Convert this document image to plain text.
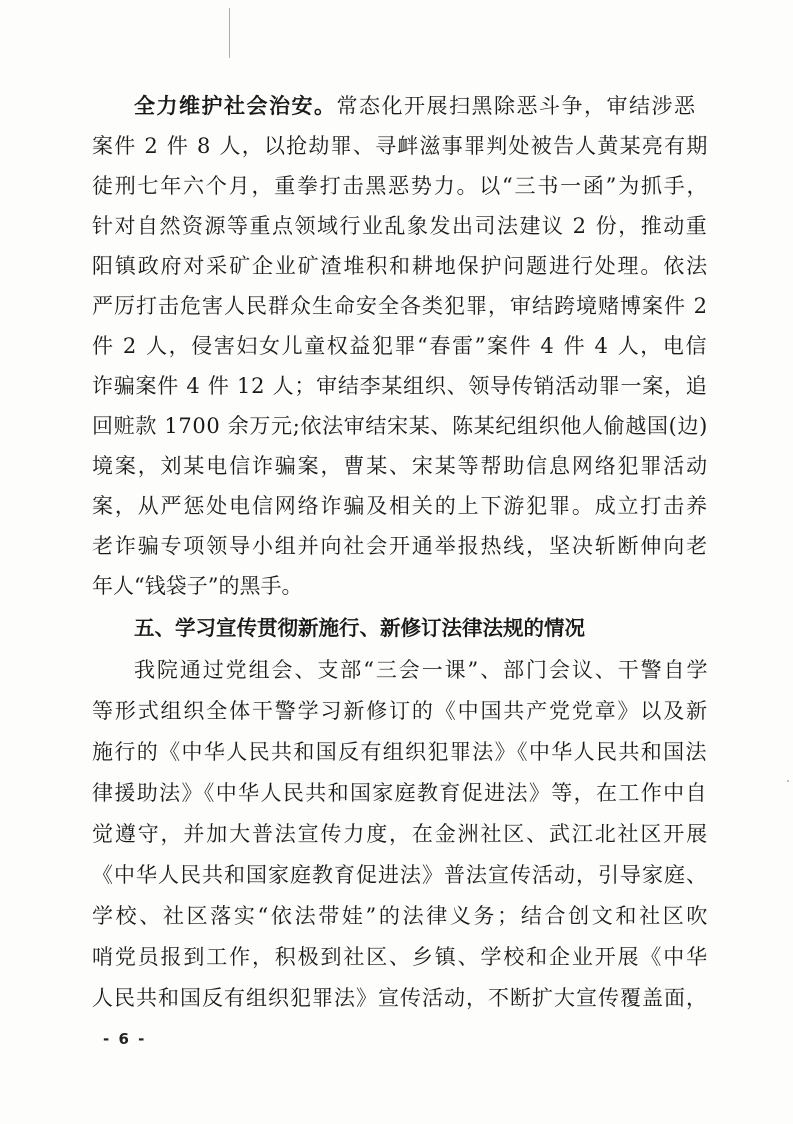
全力维护社会治安。常态化开展扫黑除恶斗争，审结涉恶
案件 2 件 8 人，以抢劫罪、寻衅滋事罪判处被告人黄某亮有期
徒刑七年六个月，重拳打击黑恶势力。以“三书一函”为抓手，
针对自然资源等重点领域行业乱象发出司法建议 2 份，推动重
阳镇政府对采矿企业矿渣堆积和耕地保护问题进行处理。依法
严厉打击危害人民群众生命安全各类犯罪，审结跨境赌博案件 2
件 2 人，侵害妇女儿童权益犯罪“春雷”案件 4 件 4 人，电信
诈骗案件 4 件 12 人；审结李某组织、领导传销活动罪一案，追
回赃款 1700 余万元;依法审结宋某、陈某纪组织他人偷越国(边)
境案，刘某电信诈骗案，曹某、宋某等帮助信息网络犯罪活动
案，从严惩处电信网络诈骗及相关的上下游犯罪。成立打击养
老诈骗专项领导小组并向社会开通举报热线，坚决斩断伸向老
年人“钱袋子”的黑手。
五、学习宣传贯彻新施行、新修订法律法规的情况
我院通过党组会、支部“三会一课”、部门会议、干警自学
等形式组织全体干警学习新修订的《中国共产党党章》以及新
施行的《中华人民共和国反有组织犯罪法》《中华人民共和国法
律援助法》《中华人民共和国家庭教育促进法》等，在工作中自
觉遵守，并加大普法宣传力度，在金洲社区、武江北社区开展
《中华人民共和国家庭教育促进法》普法宣传活动，引导家庭、
学校、社区落实“依法带娃”的法律义务；结合创文和社区吹
哨党员报到工作，积极到社区、乡镇、学校和企业开展《中华
人民共和国反有组织犯罪法》宣传活动，不断扩大宣传覆盖面，
- 6 -
